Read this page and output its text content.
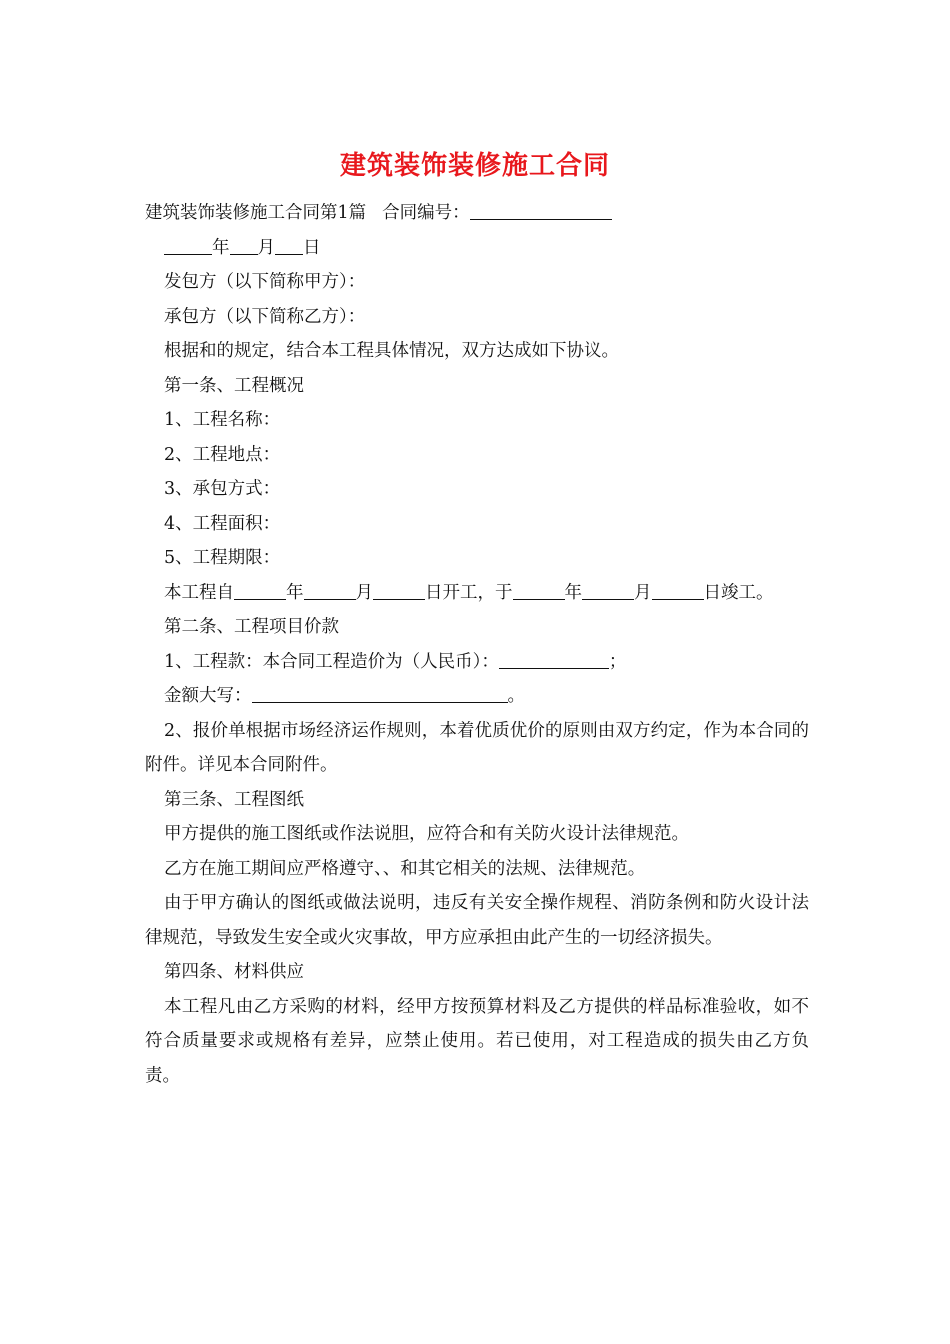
建筑装饰装修施工合同

建筑装饰装修施工合同第1篇 合同编号：

年 月 日

发包方（以下简称甲方）：

承包方（以下简称乙方）：

根据和的规定，结合本工程具体情况，双方达成如下协议。

第一条、工程概况

1、工程名称：

2、工程地点：

3、承包方式：

4、工程面积：

5、工程期限：

本工程自	年	月	日开工，于	年	月	日竣工。

第二条、工程项目价款

1、工程款：本合同工程造价为（人民币）：	；

金额大写：	。

2、报价单根据市场经济运作规则，本着优质优价的原则由双方约定，作为本合同的附件。详见本合同附件。

第三条、工程图纸

甲方提供的施工图纸或作法说胆，应符合和有关防火设计法律规范。

乙方在施工期间应严格遵守、、和其它相关的法规、法律规范。

由于甲方确认的图纸或做法说明，违反有关安全操作规程、消防条例和防火设计法律规范，导致发生安全或火灾事故，甲方应承担由此产生的一切经济损失。

第四条、材料供应

本工程凡由乙方采购的材料，经甲方按预算材料及乙方提供的样品标准验收，如不符合质量要求或规格有差异，应禁止使用。若已使用，对工程造成的损失由乙方负责。
